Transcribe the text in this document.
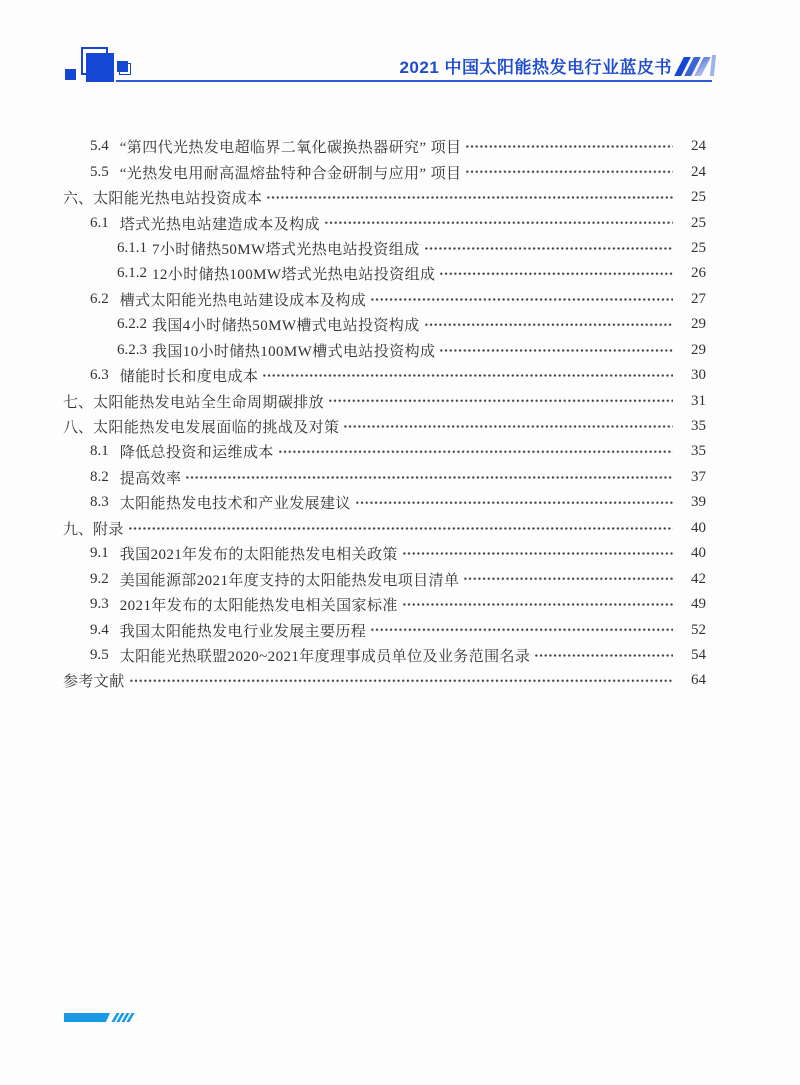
2021 中国太阳能热发电行业蓝皮书
5.4 “第四代光热发电超临界二氧化碳换热器研究” 项目	24
5.5 “光热发电用耐高温熔盐特种合金研制与应用” 项目	24
六、 太阳能光热电站投资成本	25
6.1 塔式光热电站建造成本及构成	25
6.1.1 7小时储热50MW塔式光热电站投资组成	25
6.1.2 12小时储热100MW塔式光热电站投资组成	26
6.2 槽式太阳能光热电站建设成本及构成	27
6.2.2 我国4小时储热50MW槽式电站投资构成	29
6.2.3 我国10小时储热100MW槽式电站投资构成	29
6.3 储能时长和度电成本	30
七、 太阳能热发电站全生命周期碳排放	31
八、 太阳能热发电发展面临的挑战及对策	35
8.1 降低总投资和运维成本	35
8.2 提高效率	37
8.3 太阳能热发电技术和产业发展建议	39
九、 附录	40
9.1 我国2021年发布的太阳能热发电相关政策	40
9.2 美国能源部2021年度支持的太阳能热发电项目清单	42
9.3 2021年发布的太阳能热发电相关国家标准	49
9.4 我国太阳能热发电行业发展主要历程	52
9.5 太阳能光热联盟2020~2021年度理事成员单位及业务范围名录	54
参考文献	64
